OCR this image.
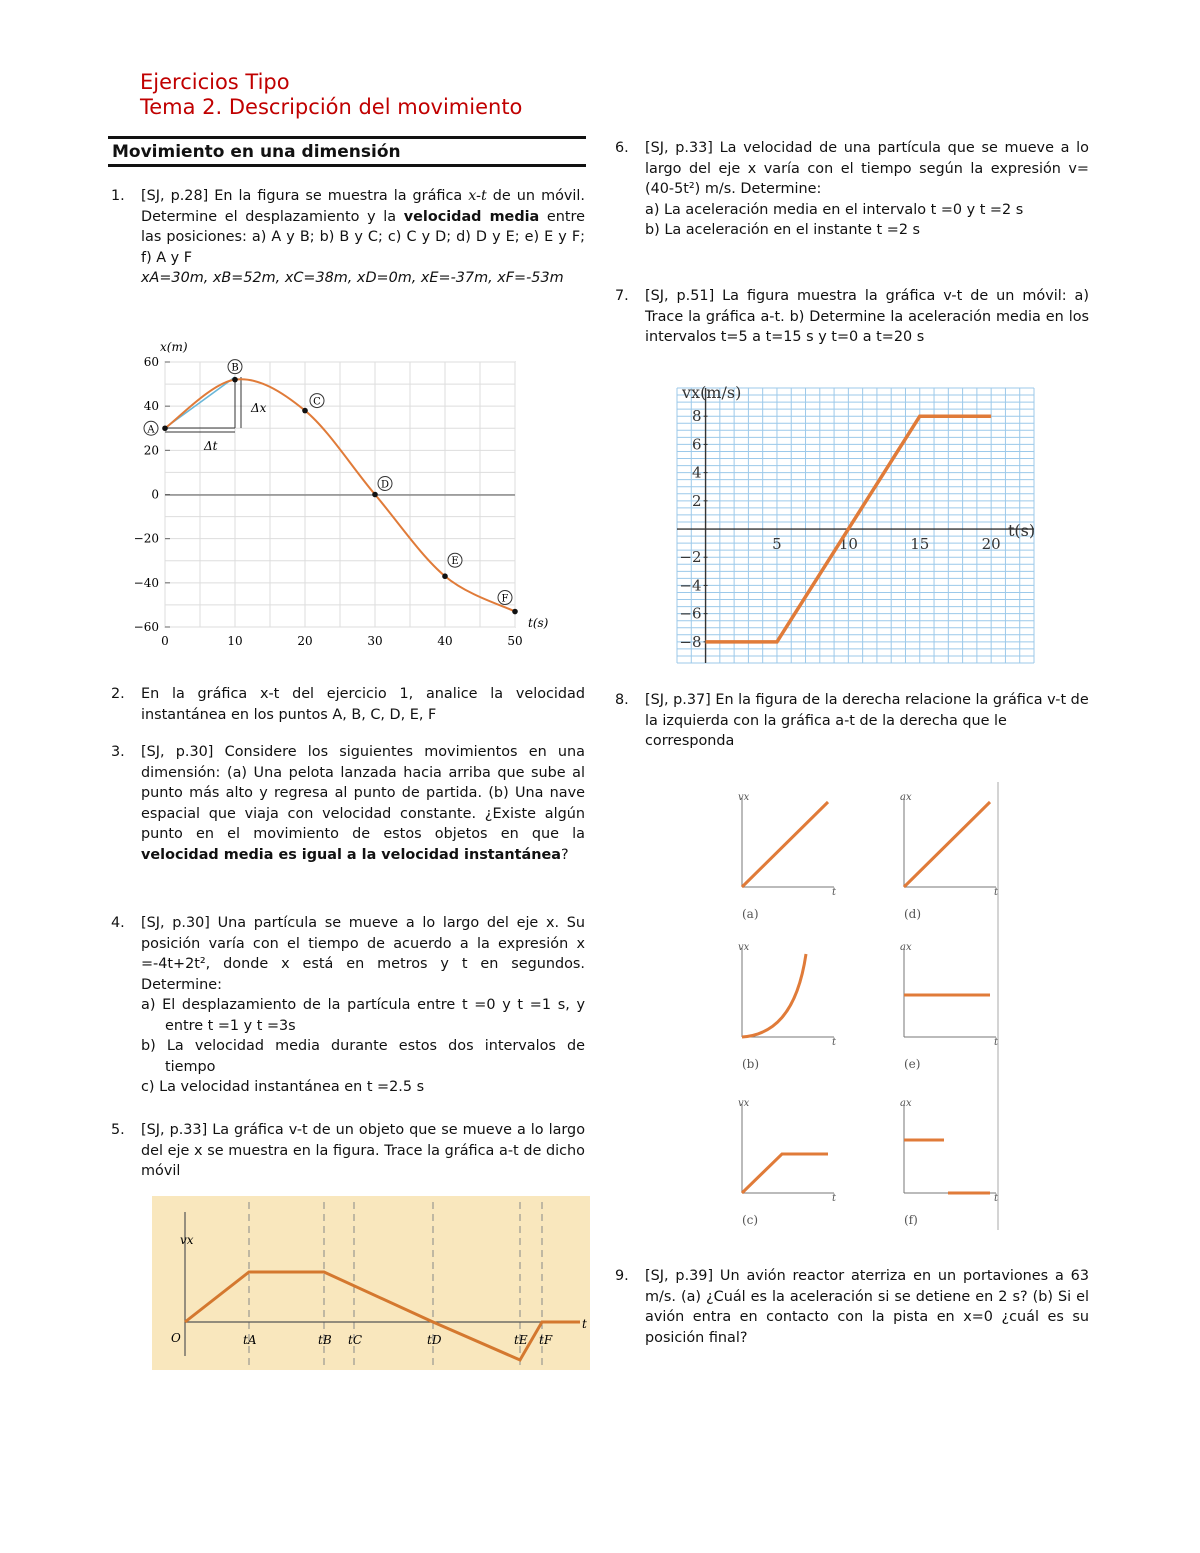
Ejercicios Tipo
Tema 2. Descripción del movimiento
Movimiento en una dimensión
1.	[SJ, p.28] En la figura se muestra la gráfica x-t de un móvil. Determine el desplazamiento y la velocidad media entre las posiciones: a) A y B; b) B y C; c) C y D; d) D y E; e) E y F; f) A y F
xA=30m, xB=52m, xC=38m, xD=0m, xE=-37m, xF=-53m
x(m)
t(s)
60
40
20
0
−20
−40
−60
0	10	20	30	40	50
Δx
Δt
A
B
C
D
E
F
2.	En la gráfica x-t del ejercicio 1, analice la velocidad instantánea en los puntos A, B, C, D, E, F
3.	[SJ, p.30] Considere los siguientes movimientos en una dimensión: (a) Una pelota lanzada hacia arriba que sube al punto más alto y regresa al punto de partida. (b) Una nave espacial que viaja con velocidad constante. ¿Existe algún punto en el movimiento de estos objetos en que la velocidad media es igual a la velocidad instantánea?
4.	[SJ, p.30] Una partícula se mueve a lo largo del eje x. Su posición varía con el tiempo de acuerdo a la expresión x =-4t+2t², donde x está en metros y t en segundos. Determine:
a) El desplazamiento de la partícula entre t =0 y t =1 s, y entre t =1 y t =3s
b) La velocidad media durante estos dos intervalos de tiempo
c) La velocidad instantánea en t =2.5 s
5.	[SJ, p.33] La gráfica v-t de un objeto que se mueve a lo largo del eje x se muestra en la figura. Trace la gráfica a-t de dicho móvil
vx
t
O	tA	tB tC	tD	tE tF
6.	[SJ, p.33] La velocidad de una partícula que se mueve a lo largo del eje x varía con el tiempo según la expresión v= (40-5t²) m/s. Determine:
a) La aceleración media en el intervalo t =0 y t =2 s
b) La aceleración en el instante t =2 s
7.	[SJ, p.51] La figura muestra la gráfica v-t de un móvil: a) Trace la gráfica a-t. b) Determine la aceleración media en los intervalos t=5 a t=15 s y t=0 a t=20 s
vx(m/s)
t(s)
5	10	15	20
8
6
4
2
−2
−4
−6
−8
8.	[SJ, p.37] En la figura de la derecha relacione la gráfica v-t de la izquierda con la gráfica a-t de la derecha que le corresponda
vx
t
(a)
vx
t
(b)
vx
t
(c)
ax
t
(d)
ax
t
(e)
ax
t
(f)
9.	[SJ, p.39] Un avión reactor aterriza en un portaviones a 63 m/s. (a) ¿Cuál es la aceleración si se detiene en 2 s? (b) Si el avión entra en contacto con la pista en x=0 ¿cuál es su posición final?
